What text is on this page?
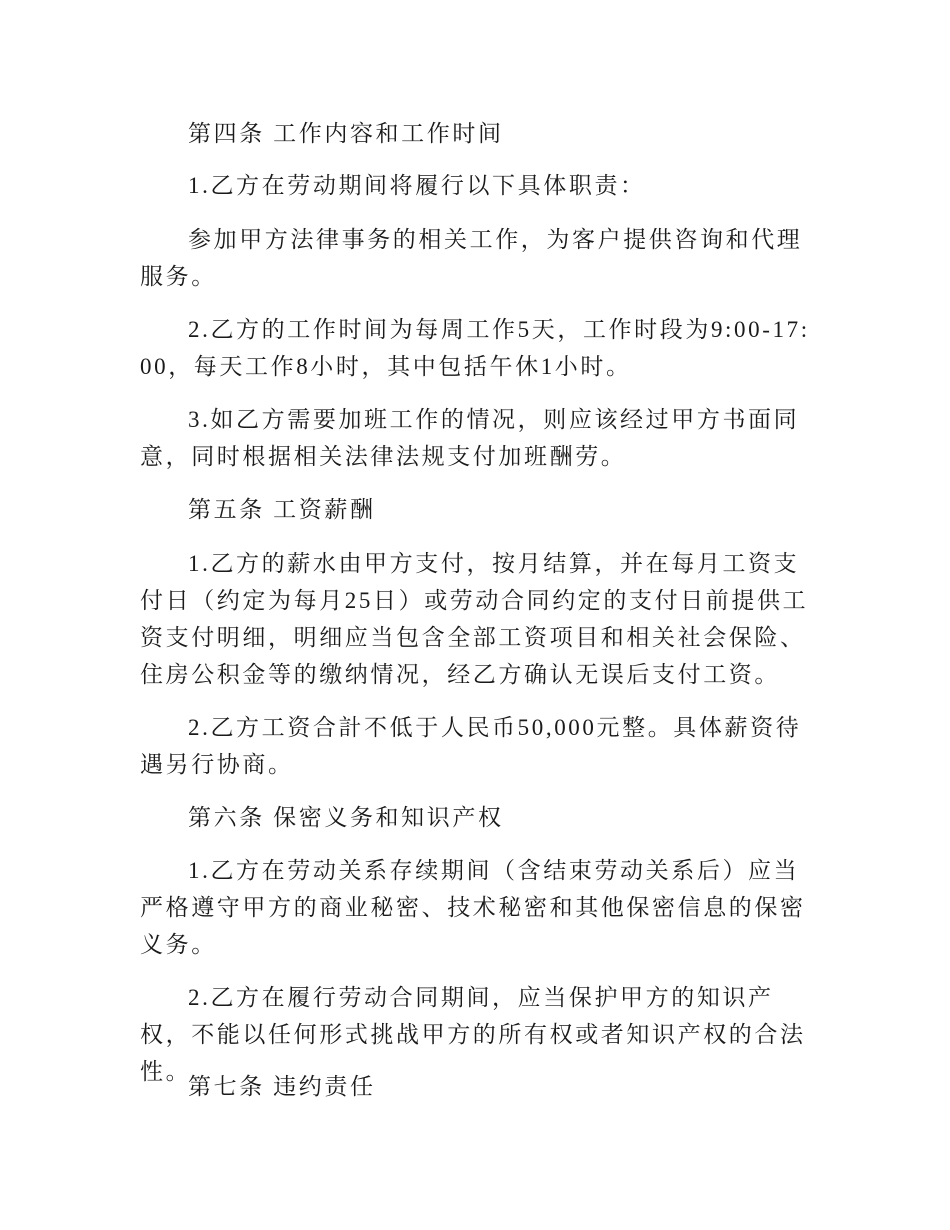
第四条 工作内容和工作时间

1.乙方在劳动期间将履行以下具体职责：

参加甲方法律事务的相关工作，为客户提供咨询和代理服务。

2.乙方的工作时间为每周工作5天，工作时段为9:00-17:00，每天工作8小时，其中包括午休1小时。

3.如乙方需要加班工作的情况，则应该经过甲方书面同意，同时根据相关法律法规支付加班酬劳。

第五条 工资薪酬

1.乙方的薪水由甲方支付，按月结算，并在每月工资支付日（约定为每月25日）或劳动合同约定的支付日前提供工资支付明细，明细应当包含全部工资项目和相关社会保险、住房公积金等的缴纳情况，经乙方确认无误后支付工资。

2.乙方工资合計不低于人民币50,000元整。具体薪资待遇另行协商。

第六条 保密义务和知识产权

1.乙方在劳动关系存续期间（含结束劳动关系后）应当严格遵守甲方的商业秘密、技术秘密和其他保密信息的保密义务。

2.乙方在履行劳动合同期间，应当保护甲方的知识产权，不能以任何形式挑战甲方的所有权或者知识产权的合法性。

第七条 违约责任
